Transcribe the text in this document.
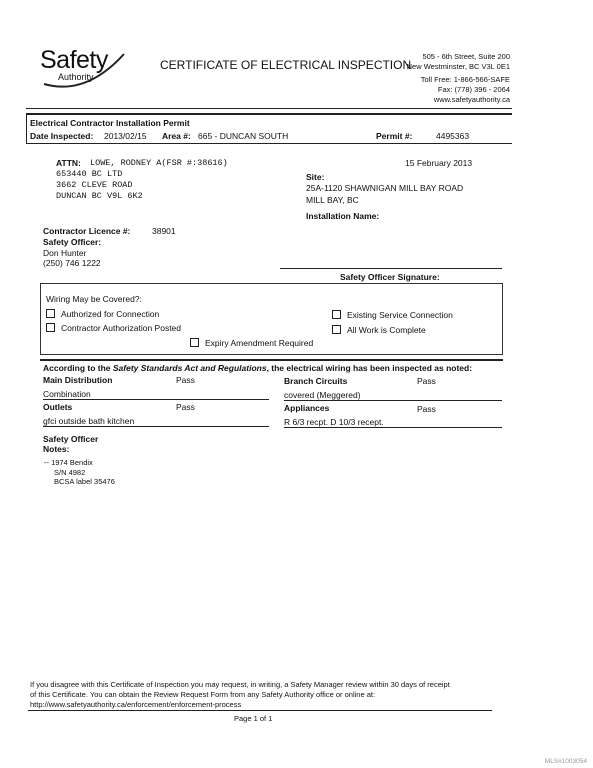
Safety
Authority
CERTIFICATE OF ELECTRICAL INSPECTION
505 - 6th Street, Suite 200
New Westminster, BC V3L 0E1
Toll Free: 1-866-566-SAFE
Fax: (778) 396 - 2064
www.safetyauthority.ca
Electrical Contractor Installation Permit
Date Inspected: 2013/02/15 Area #: 665 - DUNCAN SOUTH	Permit #:	4495363
ATTN: LOWE, RODNEY A(FSR #:38616)
653440 BC LTD
3662 CLEVE ROAD
DUNCAN BC V9L 6K2
15 February 2013
Site:
25A-1120 SHAWNIGAN MILL BAY ROAD
MILL BAY, BC
Installation Name:
Contractor Licence #:	38901
Safety Officer:
Don Hunter
(250) 746 1222
Safety Officer Signature:
Wiring May be Covered?:
Authorized for Connection
Contractor Authorization Posted
Expiry Amendment Required
Existing Service Connection
All Work is Complete
According to the Safety Standards Act and Regulations, the electrical wiring has been inspected as noted:
Main Distribution	Pass
Combination
Branch Circuits	Pass
covered (Meggered)
Outlets	Pass
gfci outside bath kitchen
Appliances	Pass
R 6/3 recpt. D 10/3 recept.
Safety Officer
Notes:
-- 1974 Bendix
S/N 4982
BCSA label 35476
If you disagree with this Certificate of Inspection you may request, in writing, a Safety Manager review within 30 days of receipt
of this Certificate. You can obtain the Review Request Form from any Safety Authority office or online at:
http://www.safetyauthority.ca/enforcement/enforcement-process
Page 1 of 1
MLS#1003054
